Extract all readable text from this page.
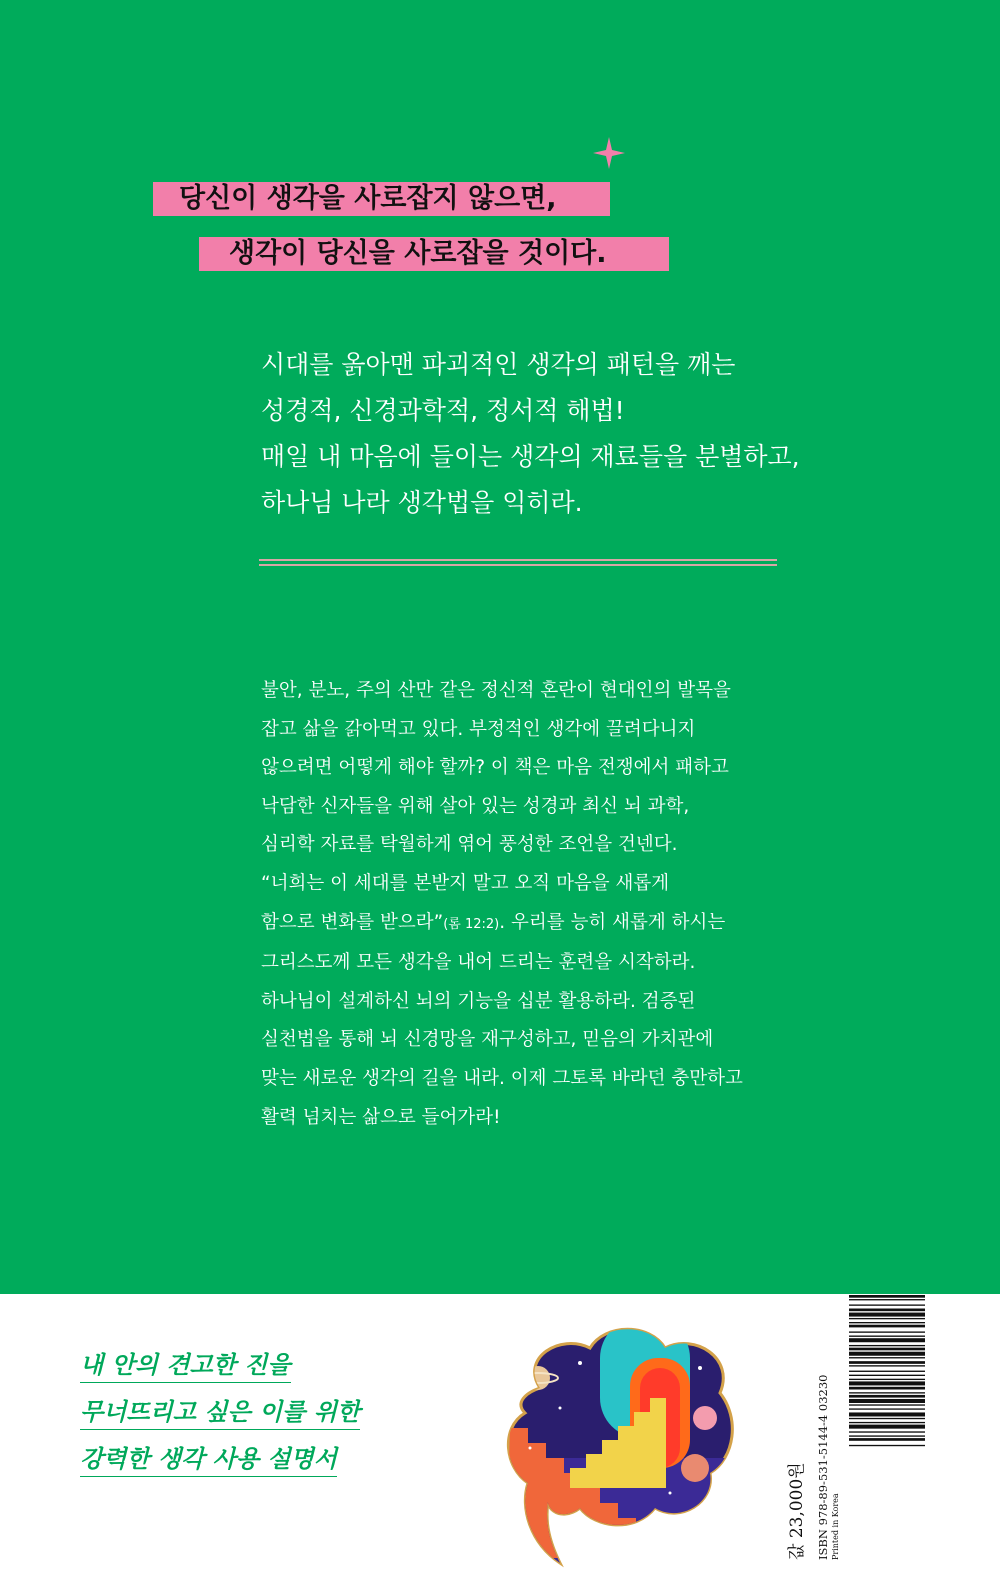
당신이 생각을 사로잡지 않으면,
생각이 당신을 사로잡을 것이다.
시대를 옭아맨 파괴적인 생각의 패턴을 깨는
성경적, 신경과학적, 정서적 해법!
매일 내 마음에 들이는 생각의 재료들을 분별하고,
하나님 나라 생각법을 익히라.
불안, 분노, 주의 산만 같은 정신적 혼란이 현대인의 발목을
잡고 삶을 갉아먹고 있다. 부정적인 생각에 끌려다니지
않으려면 어떻게 해야 할까? 이 책은 마음 전쟁에서 패하고
낙담한 신자들을 위해 살아 있는 성경과 최신 뇌 과학,
심리학 자료를 탁월하게 엮어 풍성한 조언을 건넨다.
“너희는 이 세대를 본받지 말고 오직 마음을 새롭게
함으로 변화를 받으라”(롬 12:2). 우리를 능히 새롭게 하시는
그리스도께 모든 생각을 내어 드리는 훈련을 시작하라.
하나님이 설계하신 뇌의 기능을 십분 활용하라. 검증된
실천법을 통해 뇌 신경망을 재구성하고, 믿음의 가치관에
맞는 새로운 생각의 길을 내라. 이제 그토록 바라던 충만하고
활력 넘치는 삶으로 들어가라!
내 안의 견고한 진을
무너뜨리고 싶은 이를 위한
강력한 생각 사용 설명서
값 23,000원 ISBN 978-89-531-5144-4 03230 Printed in Korea
